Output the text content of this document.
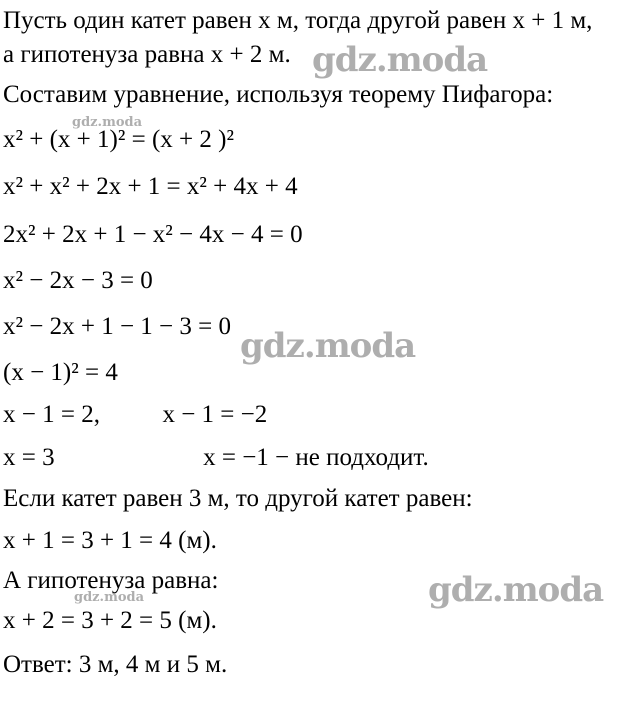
Пусть один катет равен x м, тогда другой равен x + 1 м,
а гипотенуза равна x + 2 м.
Составим уравнение, используя теорему Пифагора:
x² + (x + 1)² = (x + 2 )²
x² + x² + 2x + 1 = x² + 4x + 4
2x² + 2x + 1 − x² − 4x − 4 = 0
x² − 2x − 3 = 0
x² − 2x + 1 − 1 − 3 = 0
(x − 1)² = 4
x − 1 = 2,	x − 1 = −2
x = 3	x = −1 − не подходит.
Если катет равен 3 м, то другой катет равен:
x + 1 = 3 + 1 = 4 (м).
А гипотенуза равна:
x + 2 = 3 + 2 = 5 (м).
Ответ: 3 м, 4 м и 5 м.
gdz.moda
gdz.moda
gdz.moda
gdz.moda
gdz.moda
